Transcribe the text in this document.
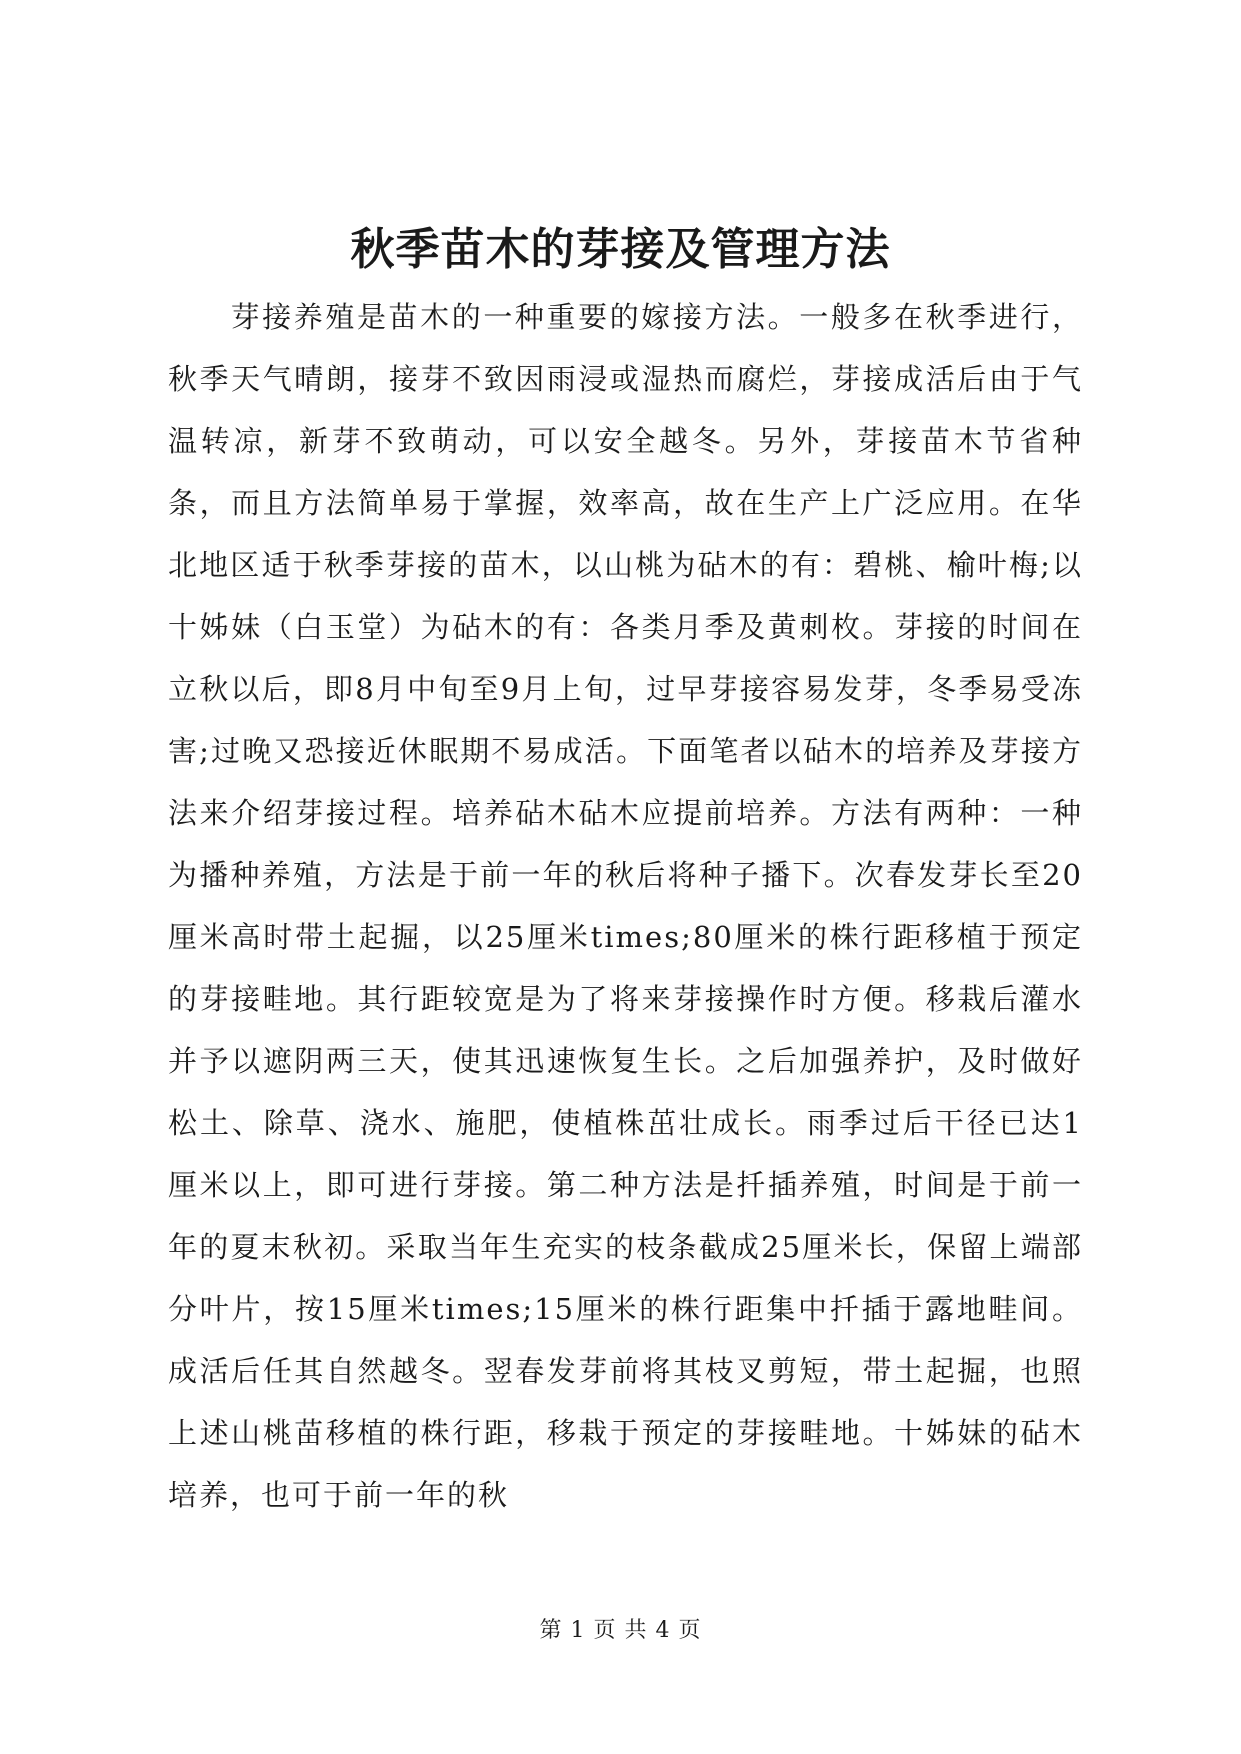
秋季苗木的芽接及管理方法

芽接养殖是苗木的一种重要的嫁接方法。一般多在秋季进行，秋季天气晴朗，接芽不致因雨浸或湿热而腐烂，芽接成活后由于气温转凉，新芽不致萌动，可以安全越冬。另外，芽接苗木节省种条，而且方法简单易于掌握，效率高，故在生产上广泛应用。在华北地区适于秋季芽接的苗木，以山桃为砧木的有：碧桃、榆叶梅;以十姊妹（白玉堂）为砧木的有：各类月季及黄刺枚。芽接的时间在立秋以后，即8月中旬至9月上旬，过早芽接容易发芽，冬季易受冻害;过晚又恐接近休眠期不易成活。下面笔者以砧木的培养及芽接方法来介绍芽接过程。培养砧木砧木应提前培养。方法有两种：一种为播种养殖，方法是于前一年的秋后将种子播下。次春发芽长至20厘米高时带土起掘，以25厘米times;80厘米的株行距移植于预定的芽接畦地。其行距较宽是为了将来芽接操作时方便。移栽后灌水并予以遮阴两三天，使其迅速恢复生长。之后加强养护，及时做好松土、除草、浇水、施肥，使植株茁壮成长。雨季过后干径已达1厘米以上，即可进行芽接。第二种方法是扦插养殖，时间是于前一年的夏末秋初。采取当年生充实的枝条截成25厘米长，保留上端部分叶片，按15厘米times;15厘米的株行距集中扦插于露地畦间。成活后任其自然越冬。翌春发芽前将其枝叉剪短，带土起掘，也照上述山桃苗移植的株行距，移栽于预定的芽接畦地。十姊妹的砧木培养，也可于前一年的秋

第 1 页 共 4 页
